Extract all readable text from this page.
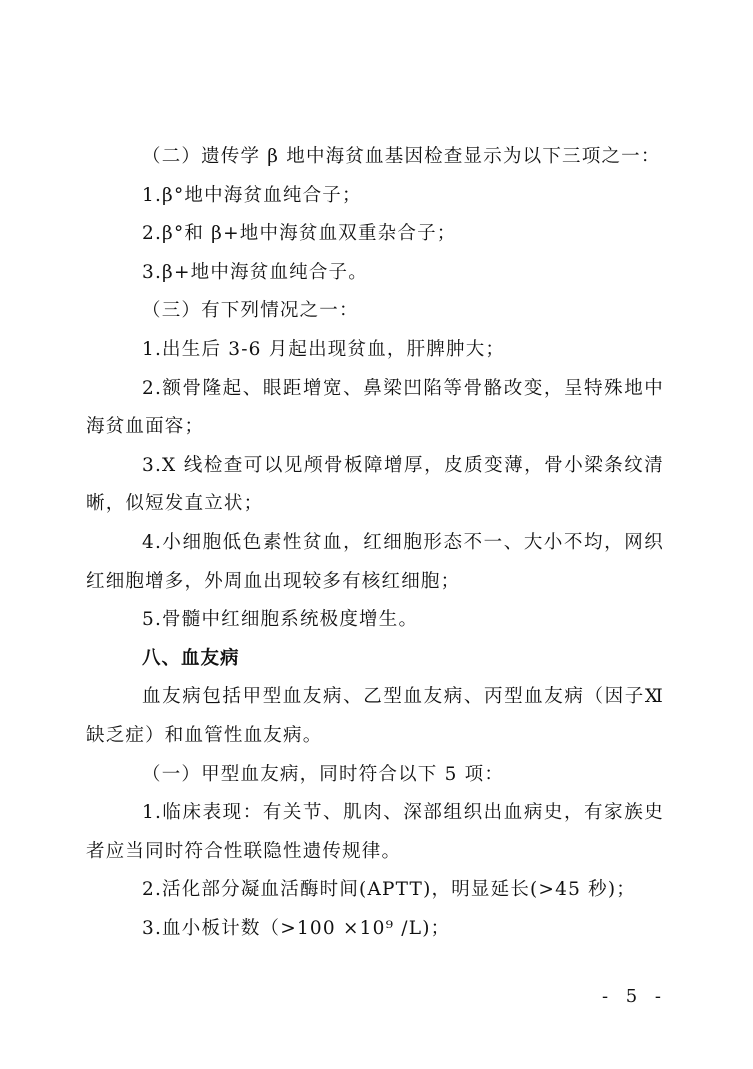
（二）遗传学 β 地中海贫血基因检查显示为以下三项之一：

1.β°地中海贫血纯合子；

2.β°和 β+地中海贫血双重杂合子；

3.β+地中海贫血纯合子。

（三）有下列情况之一：

1.出生后 3-6 月起出现贫血，肝脾肿大；

2.额骨隆起、眼距增宽、鼻梁凹陷等骨骼改变，呈特殊地中海贫血面容；

3.X 线检查可以见颅骨板障增厚，皮质变薄，骨小梁条纹清晰，似短发直立状；

4.小细胞低色素性贫血，红细胞形态不一、大小不均，网织红细胞增多，外周血出现较多有核红细胞；

5.骨髓中红细胞系统极度增生。

八、血友病

血友病包括甲型血友病、乙型血友病、丙型血友病（因子Ⅺ缺乏症）和血管性血友病。

（一）甲型血友病，同时符合以下 5 项：

1.临床表现：有关节、肌肉、深部组织出血病史，有家族史者应当同时符合性联隐性遗传规律。

2.活化部分凝血活酶时间(APTT)，明显延长(>45 秒)；

3.血小板计数（>100 ×10⁹ /L)；

- 5 -
